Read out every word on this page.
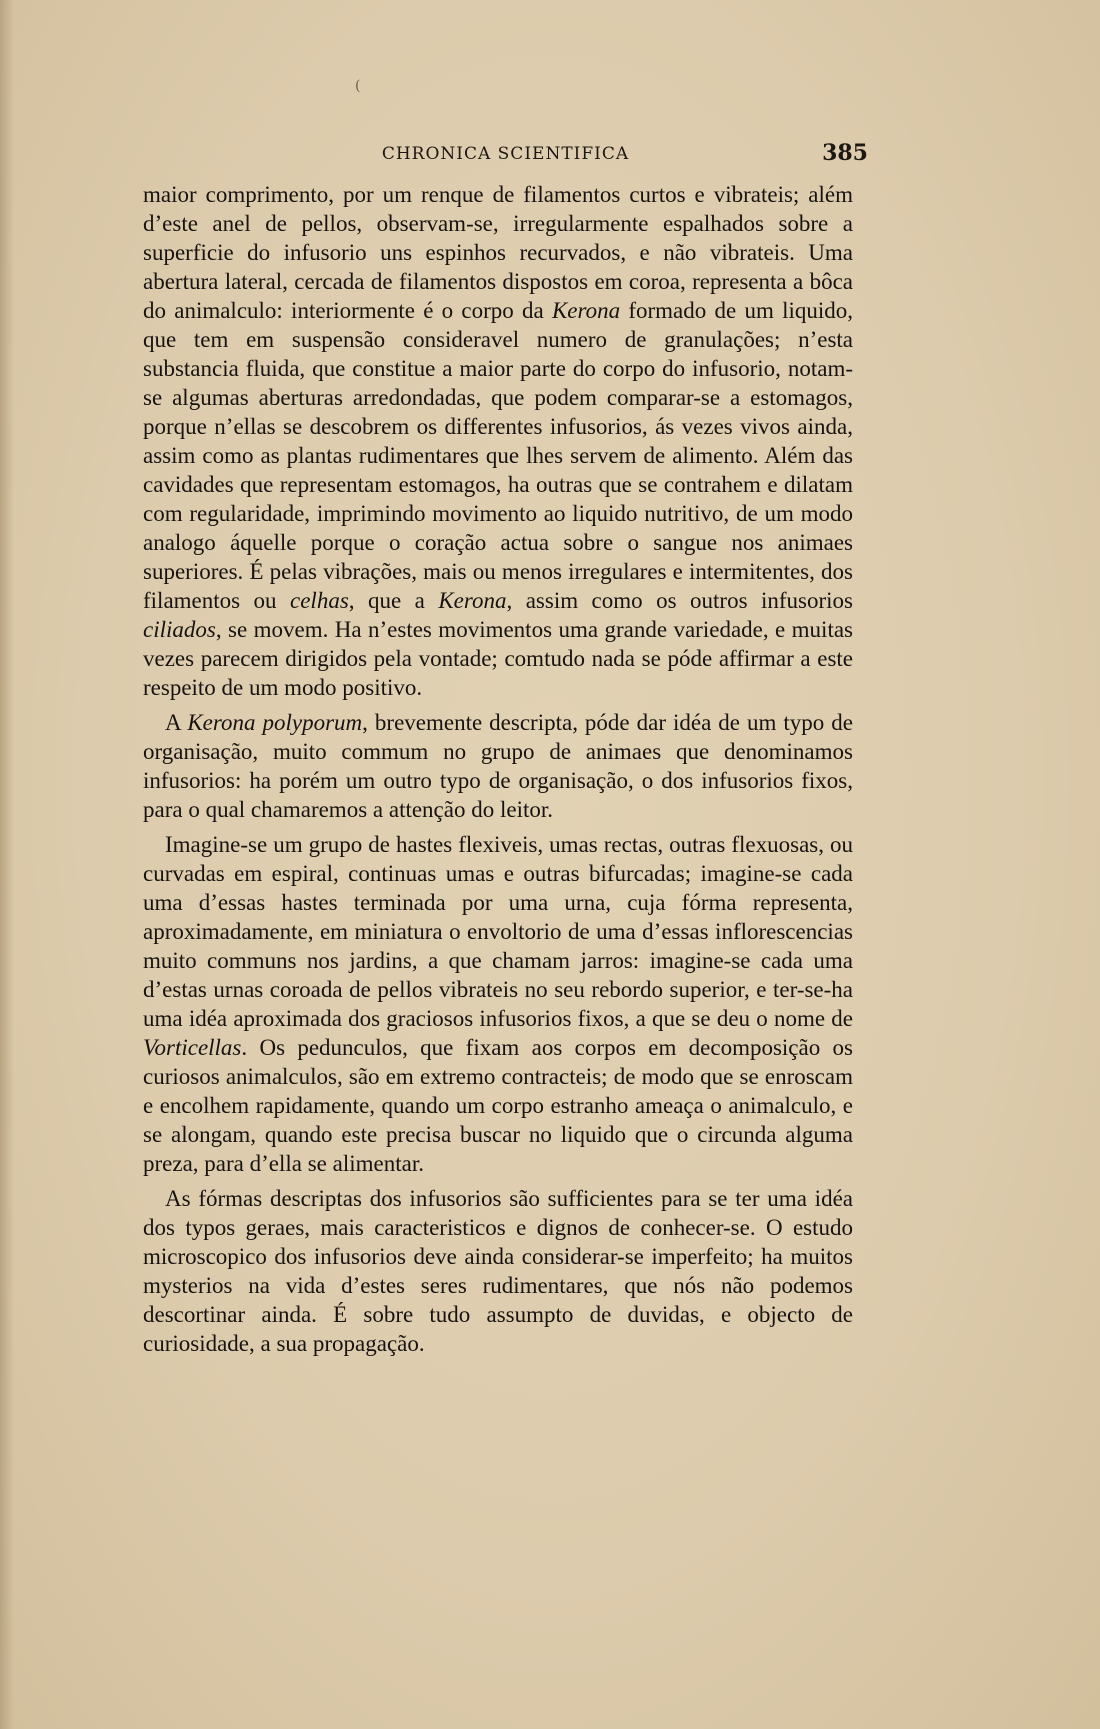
CHRONICA SCIENTIFICA	385

maior comprimento, por um renque de filamentos curtos e vibrateis; além d’este anel de pellos, observam-se, irregularmente espalhados sobre a superficie do infusorio uns espinhos recurvados, e não vibrateis. Uma abertura lateral, cercada de filamentos dispostos em coroa, representa a bôca do animalculo: interiormente é o corpo da Kerona formado de um liquido, que tem em suspensão consideravel numero de granulações; n’esta substancia fluida, que constitue a maior parte do corpo do infusorio, notam-se algumas aberturas arredondadas, que podem comparar-se a estomagos, porque n’ellas se descobrem os differentes infusorios, ás vezes vivos ainda, assim como as plantas rudimentares que lhes servem de alimento. Além das cavidades que representam estomagos, ha outras que se contrahem e dilatam com regularidade, imprimindo movimento ao liquido nutritivo, de um modo analogo áquelle porque o coração actua sobre o sangue nos animaes superiores. É pelas vibrações, mais ou menos irregulares e intermitentes, dos filamentos ou celhas, que a Kerona, assim como os outros infusorios ciliados, se movem. Ha n’estes movimentos uma grande variedade, e muitas vezes parecem dirigidos pela vontade; comtudo nada se póde affirmar a este respeito de um modo positivo.

A Kerona polyporum, brevemente descripta, póde dar idéa de um typo de organisação, muito commum no grupo de animaes que denominamos infusorios: ha porém um outro typo de organisação, o dos infusorios fixos, para o qual chamaremos a attenção do leitor.

Imagine-se um grupo de hastes flexiveis, umas rectas, outras flexuosas, ou curvadas em espiral, continuas umas e outras bifurcadas; imagine-se cada uma d’essas hastes terminada por uma urna, cuja fórma representa, aproximadamente, em miniatura o envoltorio de uma d’essas inflorescencias muito communs nos jardins, a que chamam jarros: imagine-se cada uma d’estas urnas coroada de pellos vibrateis no seu rebordo superior, e ter-se-ha uma idéa aproximada dos graciosos infusorios fixos, a que se deu o nome de Vorticellas. Os pedunculos, que fixam aos corpos em decomposição os curiosos animalculos, são em extremo contracteis; de modo que se enroscam e encolhem rapidamente, quando um corpo estranho ameaça o animalculo, e se alongam, quando este precisa buscar no liquido que o circunda alguma preza, para d’ella se alimentar.

As fórmas descriptas dos infusorios são sufficientes para se ter uma idéa dos typos geraes, mais caracteristicos e dignos de conhecer-se. O estudo microscopico dos infusorios deve ainda considerar-se imperfeito; ha muitos mysterios na vida d’estes seres rudimentares, que nós não podemos descortinar ainda. É sobre tudo assumpto de duvidas, e objecto de curiosidade, a sua propagação.

(
